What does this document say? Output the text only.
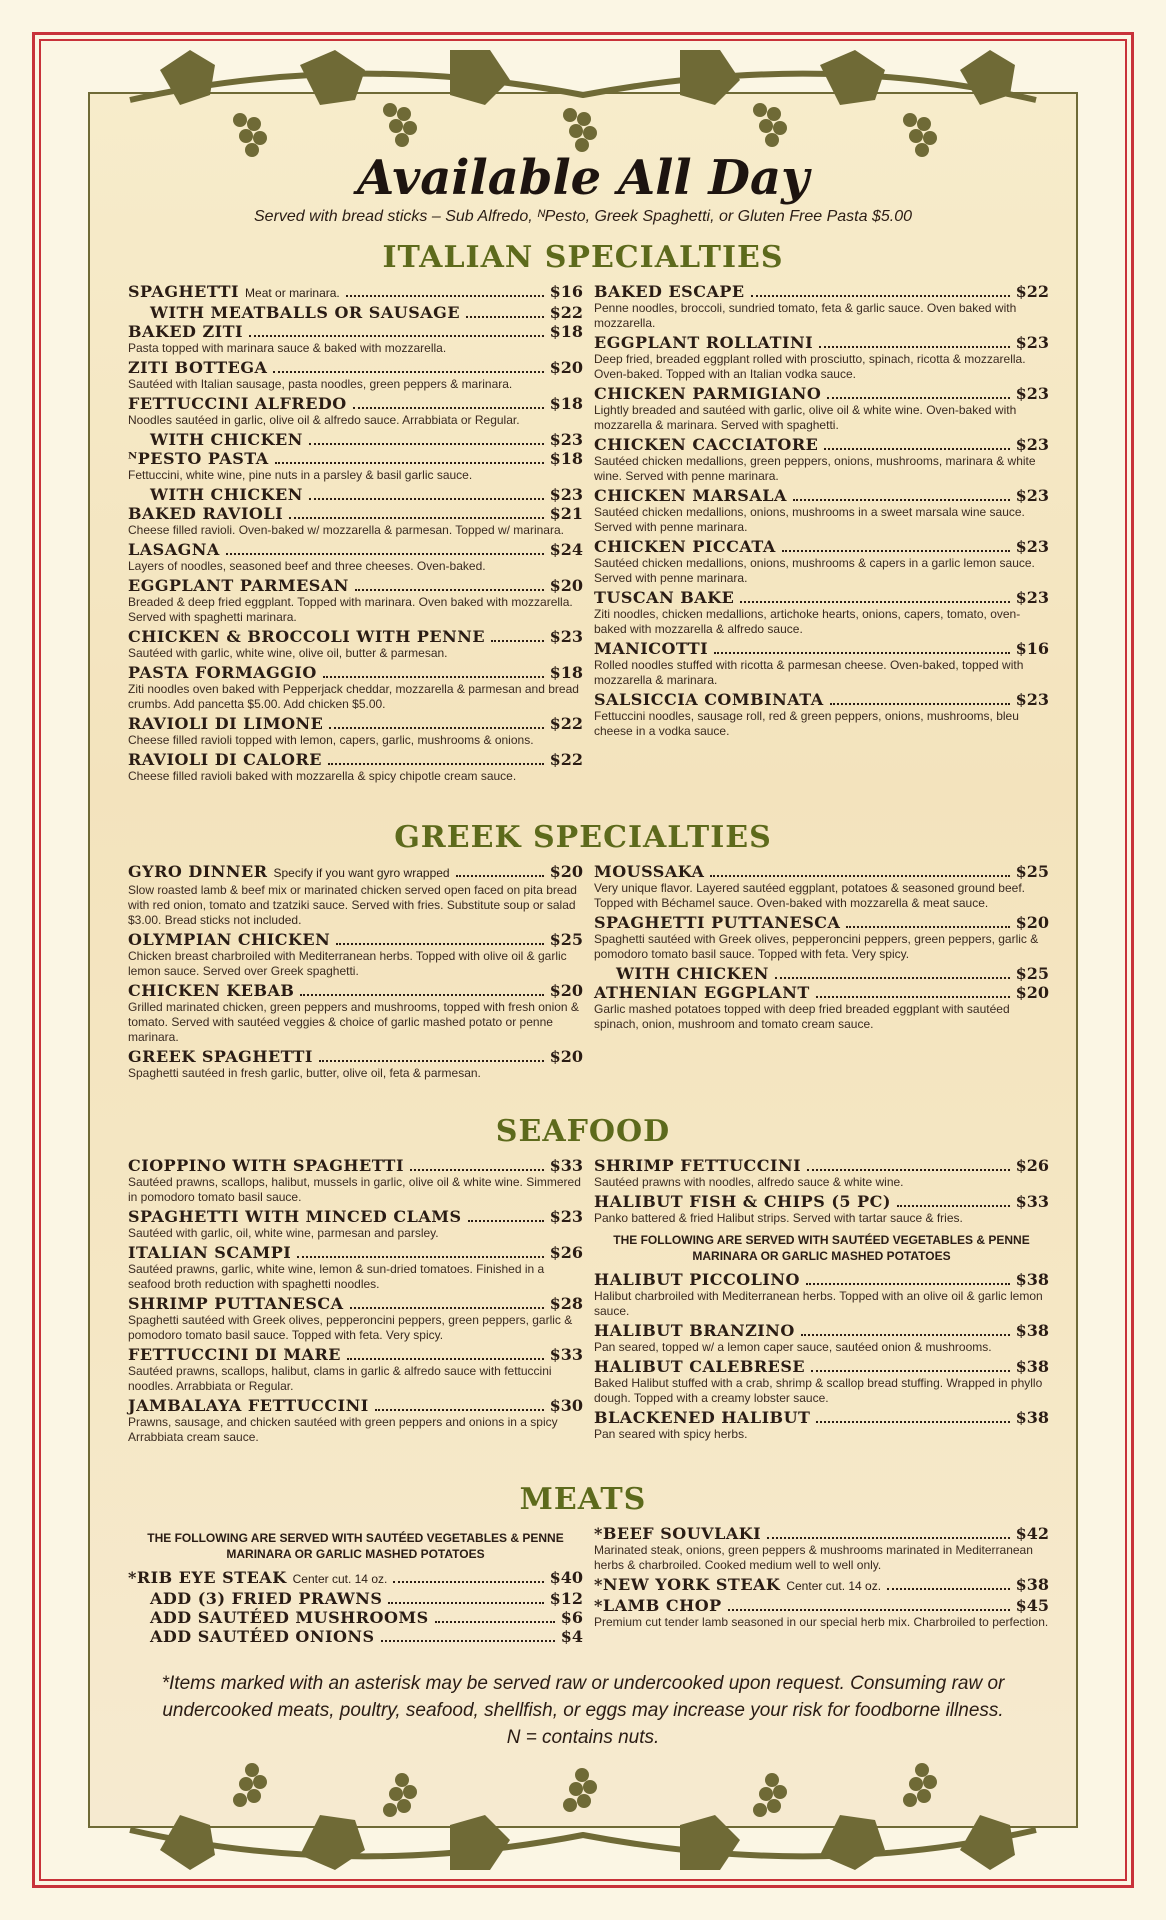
Available All Day
Served with bread sticks – Sub Alfredo, ᴺPesto, Greek Spaghetti, or Gluten Free Pasta $5.00
ITALIAN SPECIALTIES
SPAGHETTI Meat or marinara.	$16
WITH MEATBALLS OR SAUSAGE	$22
BAKED ZITI	$18
Pasta topped with marinara sauce & baked with mozzarella.
ZITI BOTTEGA	$20
Sautéed with Italian sausage, pasta noodles, green peppers & marinara.
FETTUCCINI ALFREDO	$18
Noodles sautéed in garlic, olive oil & alfredo sauce. Arrabbiata or Regular.
WITH CHICKEN	$23
ᴺPESTO PASTA	$18
Fettuccini, white wine, pine nuts in a parsley & basil garlic sauce.
WITH CHICKEN	$23
BAKED RAVIOLI	$21
Cheese filled ravioli. Oven-baked w/ mozzarella & parmesan. Topped w/ marinara.
LASAGNA	$24
Layers of noodles, seasoned beef and three cheeses. Oven-baked.
EGGPLANT PARMESAN	$20
Breaded & deep fried eggplant. Topped with marinara. Oven baked with mozzarella. Served with spaghetti marinara.
CHICKEN & BROCCOLI WITH PENNE	$23
Sautéed with garlic, white wine, olive oil, butter & parmesan.
PASTA FORMAGGIO	$18
Ziti noodles oven baked with Pepperjack cheddar, mozzarella & parmesan and bread crumbs. Add pancetta $5.00. Add chicken $5.00.
RAVIOLI DI LIMONE	$22
Cheese filled ravioli topped with lemon, capers, garlic, mushrooms & onions.
RAVIOLI DI CALORE	$22
Cheese filled ravioli baked with mozzarella & spicy chipotle cream sauce.
BAKED ESCAPE	$22
Penne noodles, broccoli, sundried tomato, feta & garlic sauce. Oven baked with mozzarella.
EGGPLANT ROLLATINI	$23
Deep fried, breaded eggplant rolled with prosciutto, spinach, ricotta & mozzarella. Oven-baked. Topped with an Italian vodka sauce.
CHICKEN PARMIGIANO	$23
Lightly breaded and sautéed with garlic, olive oil & white wine. Oven-baked with mozzarella & marinara. Served with spaghetti.
CHICKEN CACCIATORE	$23
Sautéed chicken medallions, green peppers, onions, mushrooms, marinara & white wine. Served with penne marinara.
CHICKEN MARSALA	$23
Sautéed chicken medallions, onions, mushrooms in a sweet marsala wine sauce. Served with penne marinara.
CHICKEN PICCATA	$23
Sautéed chicken medallions, onions, mushrooms & capers in a garlic lemon sauce. Served with penne marinara.
TUSCAN BAKE	$23
Ziti noodles, chicken medallions, artichoke hearts, onions, capers, tomato, oven-baked with mozzarella & alfredo sauce.
MANICOTTI	$16
Rolled noodles stuffed with ricotta & parmesan cheese. Oven-baked, topped with mozzarella & marinara.
SALSICCIA COMBINATA	$23
Fettuccini noodles, sausage roll, red & green peppers, onions, mushrooms, bleu cheese in a vodka sauce.
GREEK SPECIALTIES
GYRO DINNER Specify if you want gyro wrapped	$20
Slow roasted lamb & beef mix or marinated chicken served open faced on pita bread with red onion, tomato and tzatziki sauce. Served with fries. Substitute soup or salad $3.00. Bread sticks not included.
OLYMPIAN CHICKEN	$25
Chicken breast charbroiled with Mediterranean herbs. Topped with olive oil & garlic lemon sauce. Served over Greek spaghetti.
CHICKEN KEBAB	$20
Grilled marinated chicken, green peppers and mushrooms, topped with fresh onion & tomato. Served with sautéed veggies & choice of garlic mashed potato or penne marinara.
GREEK SPAGHETTI	$20
Spaghetti sautéed in fresh garlic, butter, olive oil, feta & parmesan.
MOUSSAKA	$25
Very unique flavor. Layered sautéed eggplant, potatoes & seasoned ground beef. Topped with Béchamel sauce. Oven-baked with mozzarella & meat sauce.
SPAGHETTI PUTTANESCA	$20
Spaghetti sautéed with Greek olives, pepperoncini peppers, green peppers, garlic & pomodoro tomato basil sauce. Topped with feta. Very spicy.
WITH CHICKEN	$25
ATHENIAN EGGPLANT	$20
Garlic mashed potatoes topped with deep fried breaded eggplant with sautéed spinach, onion, mushroom and tomato cream sauce.
SEAFOOD
CIOPPINO WITH SPAGHETTI	$33
Sautéed prawns, scallops, halibut, mussels in garlic, olive oil & white wine. Simmered in pomodoro tomato basil sauce.
SPAGHETTI WITH MINCED CLAMS	$23
Sautéed with garlic, oil, white wine, parmesan and parsley.
ITALIAN SCAMPI	$26
Sautéed prawns, garlic, white wine, lemon & sun-dried tomatoes. Finished in a seafood broth reduction with spaghetti noodles.
SHRIMP PUTTANESCA	$28
Spaghetti sautéed with Greek olives, pepperoncini peppers, green peppers, garlic & pomodoro tomato basil sauce. Topped with feta. Very spicy.
FETTUCCINI DI MARE	$33
Sautéed prawns, scallops, halibut, clams in garlic & alfredo sauce with fettuccini noodles. Arrabbiata or Regular.
JAMBALAYA FETTUCCINI	$30
Prawns, sausage, and chicken sautéed with green peppers and onions in a spicy Arrabbiata cream sauce.
SHRIMP FETTUCCINI	$26
Sautéed prawns with noodles, alfredo sauce & white wine.
HALIBUT FISH & CHIPS (5 PC)	$33
Panko battered & fried Halibut strips. Served with tartar sauce & fries.
THE FOLLOWING ARE SERVED WITH SAUTÉED VEGETABLES & PENNE MARINARA OR GARLIC MASHED POTATOES
HALIBUT PICCOLINO	$38
Halibut charbroiled with Mediterranean herbs. Topped with an olive oil & garlic lemon sauce.
HALIBUT BRANZINO	$38
Pan seared, topped w/ a lemon caper sauce, sautéed onion & mushrooms.
HALIBUT CALEBRESE	$38
Baked Halibut stuffed with a crab, shrimp & scallop bread stuffing. Wrapped in phyllo dough. Topped with a creamy lobster sauce.
BLACKENED HALIBUT	$38
Pan seared with spicy herbs.
MEATS
THE FOLLOWING ARE SERVED WITH SAUTÉED VEGETABLES & PENNE MARINARA OR GARLIC MASHED POTATOES
*RIB EYE STEAK Center cut. 14 oz.	$40
ADD (3) FRIED PRAWNS	$12
ADD SAUTÉED MUSHROOMS	$6
ADD SAUTÉED ONIONS	$4
*BEEF SOUVLAKI	$42
Marinated steak, onions, green peppers & mushrooms marinated in Mediterranean herbs & charbroiled. Cooked medium well to well only.
*NEW YORK STEAK Center cut. 14 oz.	$38
*LAMB CHOP	$45
Premium cut tender lamb seasoned in our special herb mix. Charbroiled to perfection.
*Items marked with an asterisk may be served raw or undercooked upon request. Consuming raw or
undercooked meats, poultry, seafood, shellfish, or eggs may increase your risk for foodborne illness.
N = contains nuts.
